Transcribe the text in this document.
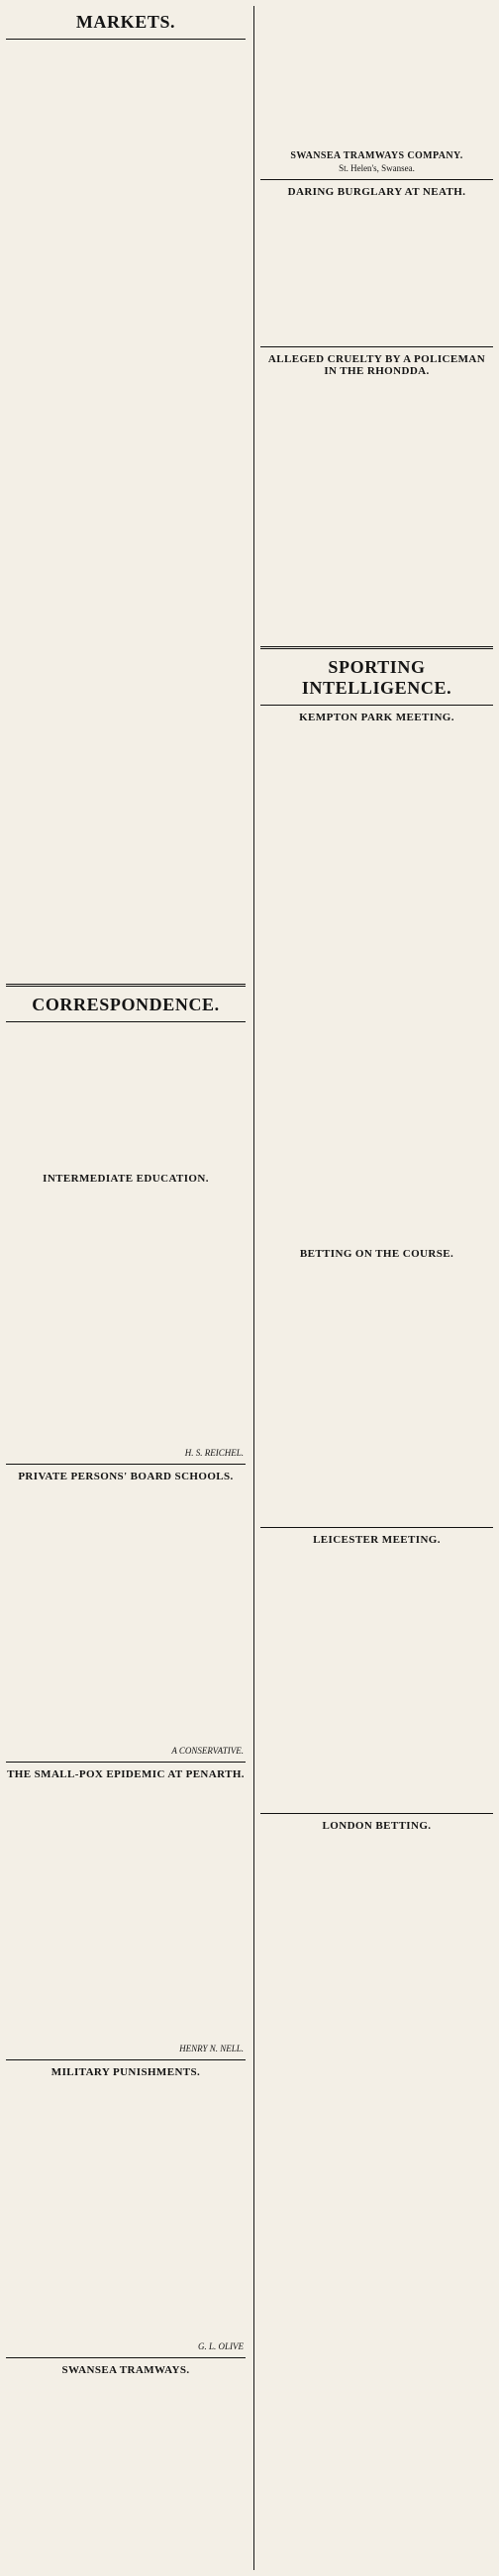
MARKETS.
CORRESPONDENCE.
INTERMEDIATE EDUCATION.
H. S. REICHEL.
PRIVATE PERSONS' BOARD SCHOOLS.
A CONSERVATIVE.
THE SMALL-POX EPIDEMIC AT PENARTH.
HENRY N. NELL.
MILITARY PUNISHMENTS.
G. L. OLIVE
SWANSEA TRAMWAYS.
SWANSEA TRAMWAYS COMPANY.
St. Helen's, Swansea.
DARING BURGLARY AT NEATH.
ALLEGED CRUELTY BY A POLICEMAN IN THE RHONDDA.
SPORTING INTELLIGENCE.
KEMPTON PARK MEETING.
BETTING ON THE COURSE.
LEICESTER MEETING.
LONDON BETTING.
